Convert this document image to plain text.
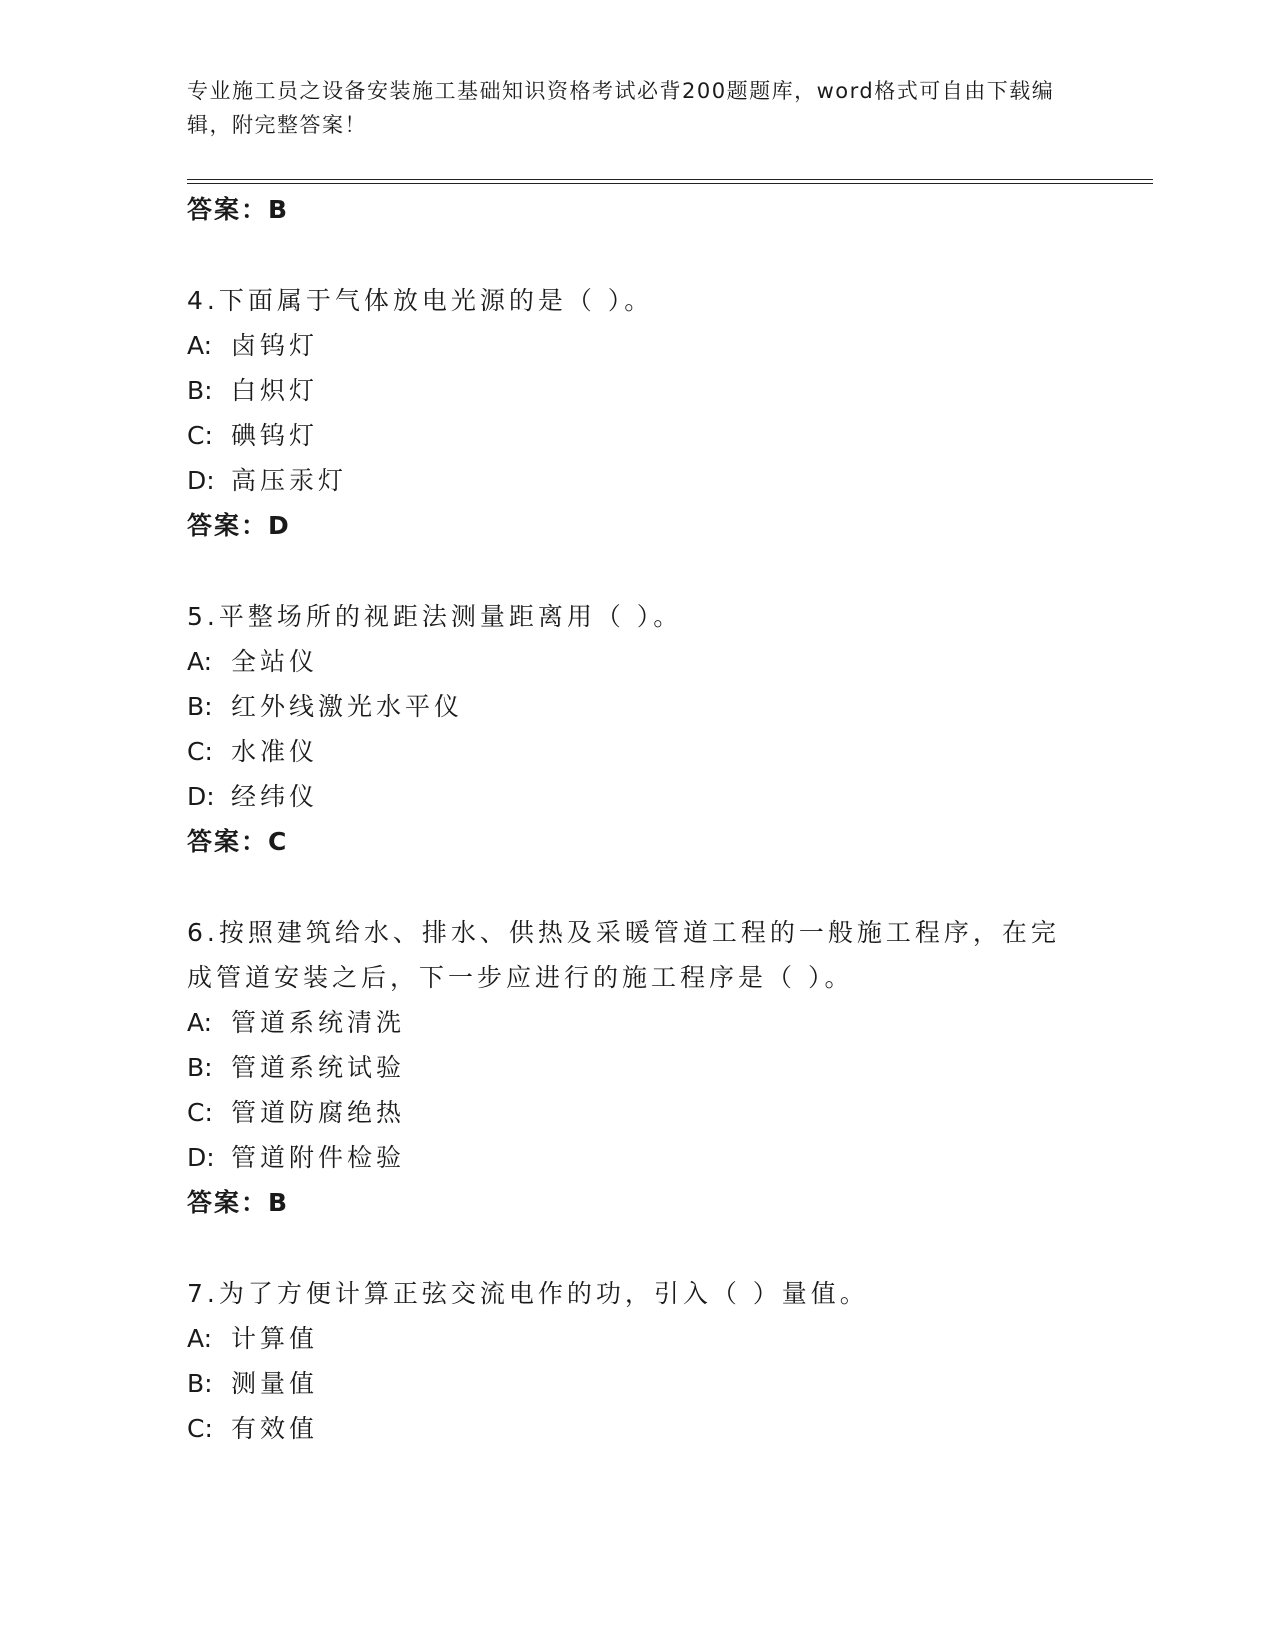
专业施工员之设备安装施工基础知识资格考试必背200题题库，word格式可自由下载编辑，附完整答案！
答案：B
4.下面属于气体放电光源的是（ ）。
A: 卤钨灯
B: 白炽灯
C: 碘钨灯
D: 高压汞灯
答案：D
5.平整场所的视距法测量距离用（ ）。
A: 全站仪
B: 红外线激光水平仪
C: 水准仪
D: 经纬仪
答案：C
6.按照建筑给水、排水、供热及采暖管道工程的一般施工程序，在完成管道安装之后，下一步应进行的施工程序是（ ）。
A: 管道系统清洗
B: 管道系统试验
C: 管道防腐绝热
D: 管道附件检验
答案：B
7.为了方便计算正弦交流电作的功，引入（ ）量值。
A: 计算值
B: 测量值
C: 有效值
